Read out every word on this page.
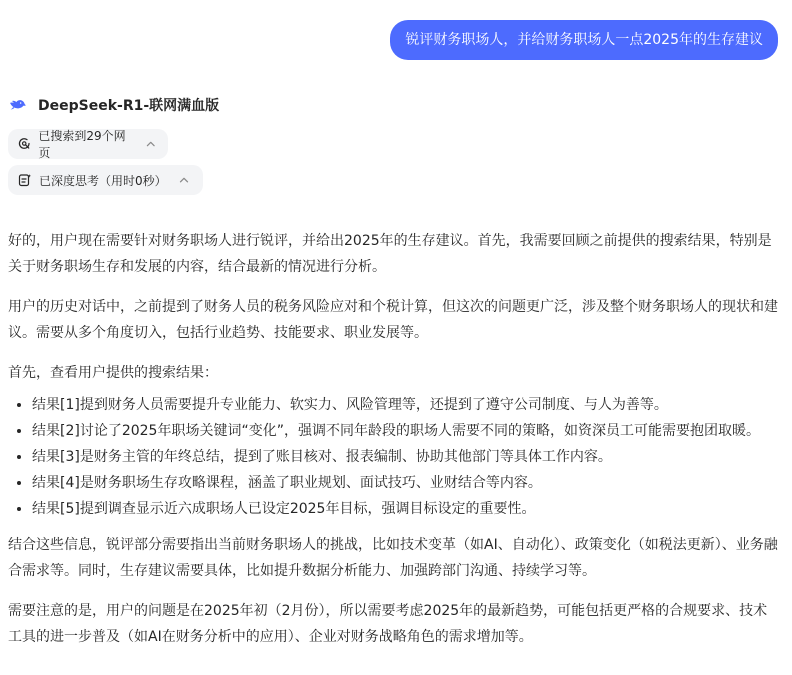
锐评财务职场人，并给财务职场人一点2025年的生存建议
DeepSeek-R1-联网满血版
已搜索到29个网页
已深度思考（用时0秒）

好的，用户现在需要针对财务职场人进行锐评，并给出2025年的生存建议。首先，我需要回顾之前提供的搜索结果，特别是关于财务职场生存和发展的内容，结合最新的情况进行分析。

用户的历史对话中，之前提到了财务人员的税务风险应对和个税计算，但这次的问题更广泛，涉及整个财务职场人的现状和建议。需要从多个角度切入，包括行业趋势、技能要求、职业发展等。

首先，查看用户提供的搜索结果：

• 结果[1]提到财务人员需要提升专业能力、软实力、风险管理等，还提到了遵守公司制度、与人为善等。
• 结果[2]讨论了2025年职场关键词“变化”，强调不同年龄段的职场人需要不同的策略，如资深员工可能需要抱团取暖。
• 结果[3]是财务主管的年终总结，提到了账目核对、报表编制、协助其他部门等具体工作内容。
• 结果[4]是财务职场生存攻略课程，涵盖了职业规划、面试技巧、业财结合等内容。
• 结果[5]提到调查显示近六成职场人已设定2025年目标，强调目标设定的重要性。

结合这些信息，锐评部分需要指出当前财务职场人的挑战，比如技术变革（如AI、自动化）、政策变化（如税法更新）、业务融合需求等。同时，生存建议需要具体，比如提升数据分析能力、加强跨部门沟通、持续学习等。

需要注意的是，用户的问题是在2025年初（2月份），所以需要考虑2025年的最新趋势，可能包括更严格的合规要求、技术工具的进一步普及（如AI在财务分析中的应用）、企业对财务战略角色的需求增加等。
